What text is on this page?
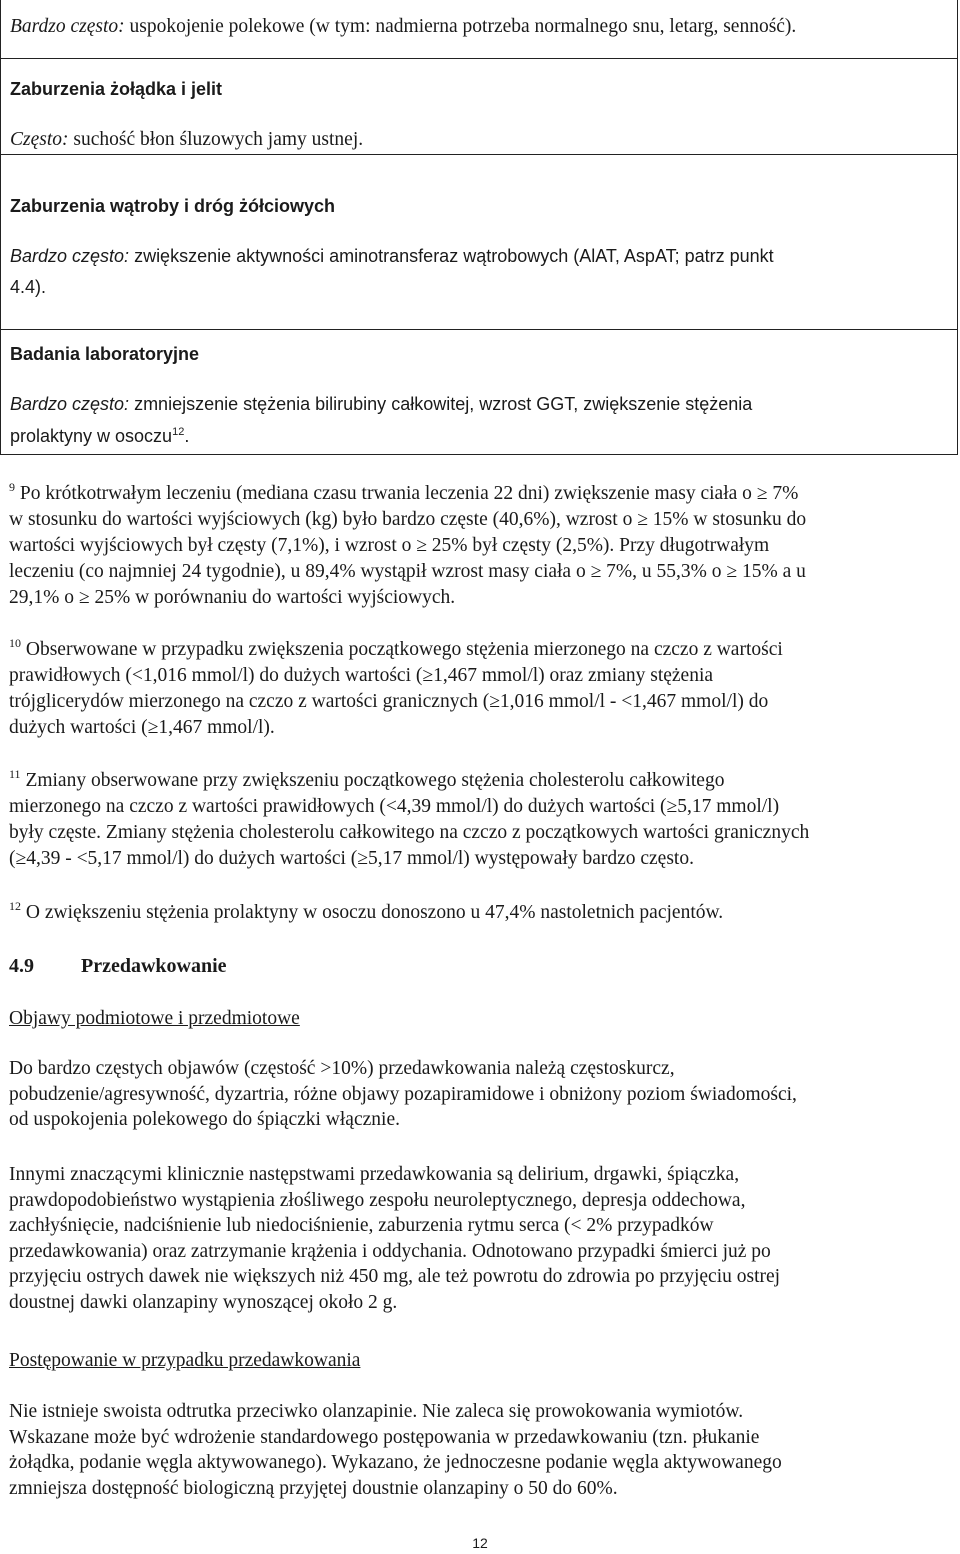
Bardzo często: uspokojenie polekowe (w tym: nadmierna potrzeba normalnego snu, letarg, senność).

Zaburzenia żołądka i jelit

Często: suchość błon śluzowych jamy ustnej.

Zaburzenia wątroby i dróg żółciowych

Bardzo często: zwiększenie aktywności aminotransferaz wątrobowych (AlAT, AspAT; patrz punkt

4.4).

Badania laboratoryjne

Bardzo często: zmniejszenie stężenia bilirubiny całkowitej, wzrost GGT, zwiększenie stężenia

prolaktyny w osoczu$^{12}$.

$^9$ Po krótkotrwałym leczeniu (mediana czasu trwania leczenia 22 dni) zwiększenie masy ciała o ≥ 7%
w stosunku do wartości wyjściowych (kg) było bardzo częste (40,6%), wzrost o ≥ 15% w stosunku do
wartości wyjściowych był częsty (7,1%), i wzrost o ≥ 25% był częsty (2,5%). Przy długotrwałym
leczeniu (co najmniej 24 tygodnie), u 89,4% wystąpił wzrost masy ciała o ≥ 7%, u 55,3% o ≥ 15% a u
29,1% o ≥ 25% w porównaniu do wartości wyjściowych.
$^{10}$ Obserwowane w przypadku zwiększenia początkowego stężenia mierzonego na czczo z wartości
prawidłowych (<1,016 mmol/l) do dużych wartości (≥1,467 mmol/l) oraz zmiany stężenia
trójglicerydów mierzonego na czczo z wartości granicznych (≥1,016 mmol/l - <1,467 mmol/l) do
dużych wartości (≥1,467 mmol/l).
$^{11}$ Zmiany obserwowane przy zwiększeniu początkowego stężenia cholesterolu całkowitego
mierzonego na czczo z wartości prawidłowych (<4,39 mmol/l) do dużych wartości (≥5,17 mmol/l)
były częste. Zmiany stężenia cholesterolu całkowitego na czczo z początkowych wartości granicznych
(≥4,39 - <5,17 mmol/l) do dużych wartości (≥5,17 mmol/l) występowały bardzo często.
$^{12}$ O zwiększeniu stężenia prolaktyny w osoczu donoszono u 47,4% nastoletnich pacjentów.
4.9 Przedawkowanie
Objawy podmiotowe i przedmiotowe
Do bardzo częstych objawów (częstość >10%) przedawkowania należą częstoskurcz,
pobudzenie/agresywność, dyzartria, różne objawy pozapiramidowe i obniżony poziom świadomości,
od uspokojenia polekowego do śpiączki włącznie.
Innymi znaczącymi klinicznie następstwami przedawkowania są delirium, drgawki, śpiączka,
prawdopodobieństwo wystąpienia złośliwego zespołu neuroleptycznego, depresja oddechowa,
zachłyśnięcie, nadciśnienie lub niedociśnienie, zaburzenia rytmu serca (< 2% przypadków
przedawkowania) oraz zatrzymanie krążenia i oddychania. Odnotowano przypadki śmierci już po
przyjęciu ostrych dawek nie większych niż 450 mg, ale też powrotu do zdrowia po przyjęciu ostrej
doustnej dawki olanzapiny wynoszącej około 2 g.
Postępowanie w przypadku przedawkowania
Nie istnieje swoista odtrutka przeciwko olanzapinie. Nie zaleca się prowokowania wymiotów.
Wskazane może być wdrożenie standardowego postępowania w przedawkowaniu (tzn. płukanie
żołądka, podanie węgla aktywowanego). Wykazano, że jednoczesne podanie węgla aktywowanego
zmniejsza dostępność biologiczną przyjętej doustnie olanzapiny o 50 do 60%.
12
